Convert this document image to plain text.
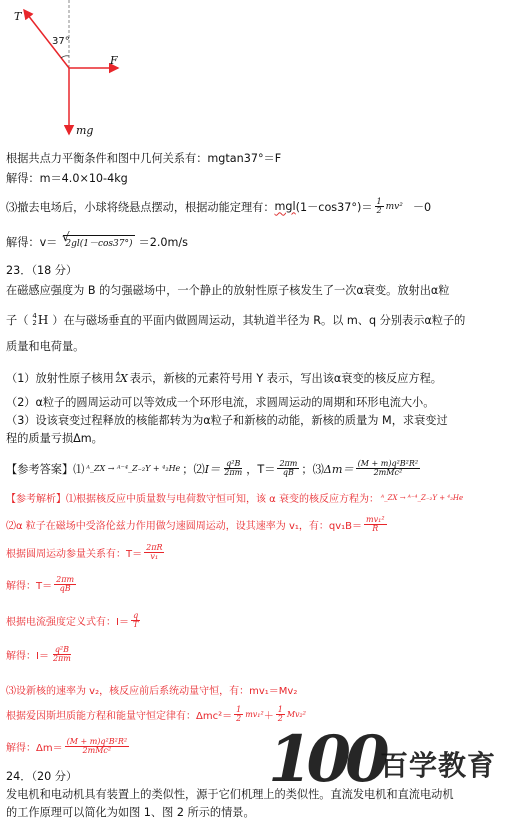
T
37°
F
mg
根据共点力平衡条件和图中几何关系有：mgtan37°＝F
解得：m＝4.0×10-4kg
⑶撤去电场后，小球将绕悬点摆动，根据动能定理有： mgl $(1-\cos 37^\circ)= \frac{1}{2} mv^2 -0$
解得：v＝ 2gl(1－cos37°) ＝2.0m/s
√
23．（18 分）
在磁感应强度为 B 的匀强磁场中，一个静止的放射性原子核发生了一次α衰变。放射出α粒
子（ 4
2 H ）在与磁场垂直的平面内做圆周运动，其轨道半径为 R。以 m、q 分别表示α粒子的
质量和电荷量。
（1）放射性原子核用 A
Z X 表示，新核的元素符号用 Y 表示，写出该α衰变的核反应方程。
（2）α粒子的圆周运动可以等效成一个环形电流，求圆周运动的周期和环形电流大小。
（3）设该衰变过程释放的核能都转为为α粒子和新核的动能，新核的质量为 M，求衰变过
程的质量亏损Δm。
【参考答案】 ⑴ ᴬ_ZX → ᴬ⁻⁴_Z₋₂Y + ⁴₂He ；⑵ $I= \frac{\text{q²B}}{2\pi m}$ ，$T= \frac{2\pi m}{qB}$ ；⑶ $\Delta m= \frac{\text{(M + m)q²B²R²}}{\text{2mMc²}}$
【参考解析】 ⑴根据核反应中质量数与电荷数守恒可知，该 α 衰变的核反应方程为： ᴬ_ZX → ᴬ⁻⁴_Z₋₂Y + ⁴₂He
⑵α 粒子在磁场中受洛伦兹力作用做匀速圆周运动，设其速率为 v₁，有：$qv_1B= \frac{\text{mv₁²}}{R}$
根据圆周运动参量关系有：$T= \frac{2\pi R}{\text{v₁}}$
解得：$T= \frac{2\pi m}{qB}$
根据电流强度定义式有：$I= \frac{q}{T}$
解得：$I= \frac{\text{q²B}}{2\pi m}$
⑶设新核的速率为 v₂，核反应前后系统动量守恒，有：mv₁＝Mv₂
根据爱因斯坦质能方程和能量守恒定律有：$\Delta mc^2= \frac{1}{2} mv_1^2 + \frac{1}{2} Mv_2^2$
解得：$\Delta m= \frac{\text{(M + m)q²B²R²}}{\text{2mMc²}}$
24．（20 分）
发电机和电动机具有装置上的类似性，源于它们机理上的类似性。直流发电机和直流电动机
的工作原理可以简化为如图 1、图 2 所示的情景。
100
百学教育
